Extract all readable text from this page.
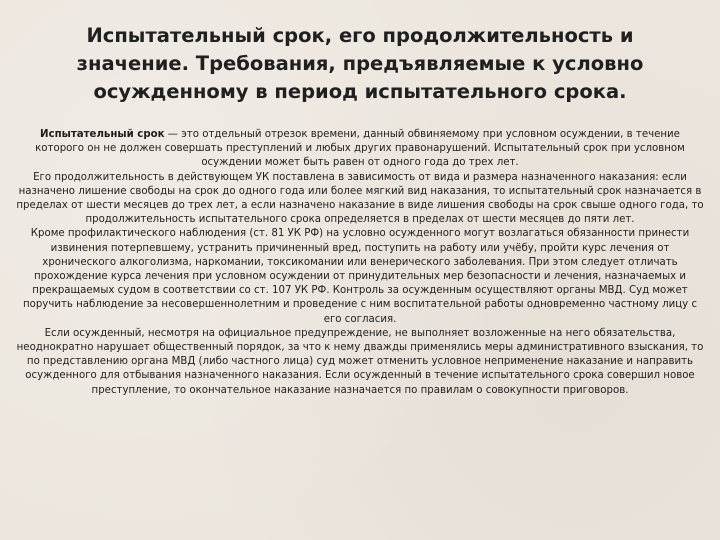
Испытательный срок, его продолжительность и значение. Требования, предъявляемые к условно осужденному в период испытательного срока.

Испытательный срок — это отдельный отрезок времени, данный обвиняемому при условном осуждении, в течение которого он не должен совершать преступлений и любых других правонарушений. Испытательный срок при условном осуждении может быть равен от одного года до трех лет.

Его продолжительность в действующем УК поставлена в зависимость от вида и размера назначенного наказания: если назначено лишение свободы на срок до одного года или более мягкий вид наказания, то испытательный срок назначается в пределах от шести месяцев до трех лет, а если назначено наказание в виде лишения свободы на срок свыше одного года, то продолжительность испытательного срока определяется в пределах от шести месяцев до пяти лет.

Кроме профилактического наблюдения (ст. 81 УК РФ) на условно осужденного могут возлагаться обязанности принести извинения потерпевшему, устранить причиненный вред, поступить на работу или учёбу, пройти курс лечения от хронического алкоголизма, наркомании, токсикомании или венерического заболевания. При этом следует отличать прохождение курса лечения при условном осуждении от принудительных мер безопасности и лечения, назначаемых и прекращаемых судом в соответствии со ст. 107 УК РФ. Контроль за осужденным осуществляют органы МВД. Суд может поручить наблюдение за несовершеннолетним и проведение с ним воспитательной работы одновременно частному лицу с его согласия.

Если осужденный, несмотря на официальное предупреждение, не выполняет возложенные на него обязательства, неоднократно нарушает общественный порядок, за что к нему дважды применялись меры административного взыскания, то по представлению органа МВД (либо частного лица) суд может отменить условное неприменение наказание и направить осужденного для отбывания назначенного наказания. Если осужденный в течение испытательного срока совершил новое преступление, то окончательное наказание назначается по правилам о совокупности приговоров.
